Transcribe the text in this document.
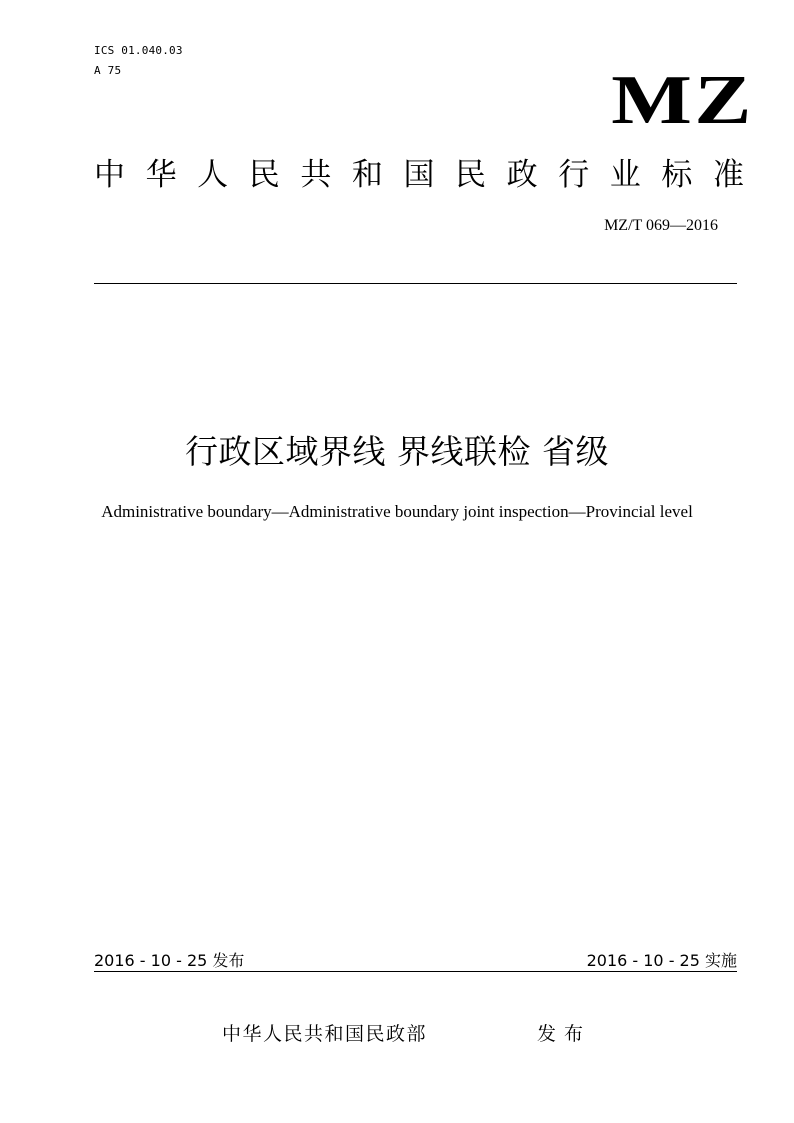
ICS 01.040.03
A 75	MZ
中 华 人 民 共 和 国 民 政 行 业 标 准
MZ/T 069—2016
行政区域界线 界线联检 省级
Administrative boundary—Administrative boundary joint inspection—Provincial level
2016 - 10 - 25 发布	2016 - 10 - 25 实施
中华人民共和国民政部	发布
